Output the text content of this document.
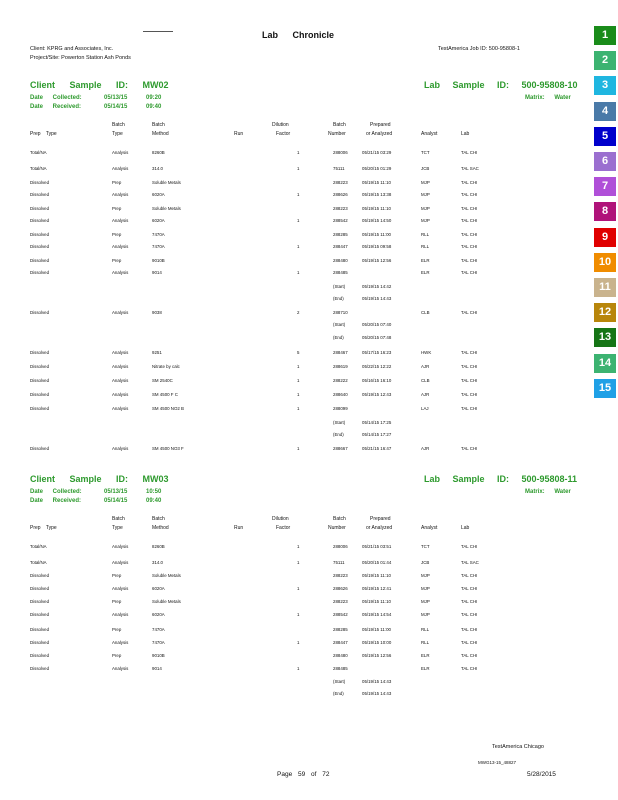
Lab Chronicle
Client: KPRG and Associates, Inc.
Project/Site: Powerton Station Ash Ponds
TestAmerica Job ID: 500-95808-1
1
2
3
4
5
6
7
8
9
10
11
12
13
14
15
Client Sample ID: MW02	Lab Sample ID: 500-95808-10
Date Collected:	05/13/15	09:20	Matrix: Water
Date Received:	05/14/15	09:40
Batch	Batch	Dilution	Batch	Prepared
Prep Type	Type	Method	Run	Factor	Number	or Analyzed	Analyst	Lab
Total/NA	Analysis	8260B	1	288006	05/21/15 03:29	TCT	TAL CHI
Total/NA	Analysis	314.0	1	75111	05/20/15 01:29	JCB	TAL SAC
Dissolved	Prep	Soluble Metals	288223	05/19/15 11:10	MJP	TAL CHI
Dissolved	Analysis	6020A	1	288626	05/19/15 13:38	MJP	TAL CHI
Dissolved	Prep	Soluble Metals	288223	05/19/15 11:10	MJP	TAL CHI
Dissolved	Analysis	6020A	1	288542	05/19/15 14:50	MJP	TAL CHI
Dissolved	Prep	7470A	288285	05/19/15 11:00	RLL	TAL CHI
Dissolved	Analysis	7470A	1	288447	05/19/15 09:58	RLL	TAL CHI
Dissolved	Prep	9010B	288480	05/19/15 12:56	ELR	TAL CHI
Dissolved	Analysis	9014	1	288485	ELR	TAL CHI
(Start)	05/19/15 14:42
(End)	05/19/15 14:43
Dissolved	Analysis	9038	2	288710	CLB	TAL CHI
(Start)	05/20/15 07:40
(End)	05/20/15 07:48
Dissolved	Analysis	9251	5	288467	05/17/15 16:23	HWK	TAL CHI
Dissolved	Analysis	Nitrate by calc	1	288619	05/22/15 12:22	AJR	TAL CHI
Dissolved	Analysis	SM 2540C	1	288222	05/16/15 16:10	CLB	TAL CHI
Dissolved	Analysis	SM 4500 F C	1	288640	05/19/15 12:43	AJR	TAL CHI
Dissolved	Analysis	SM 4500 NO2 B	1	288099	LAJ	TAL CHI
(Start)	05/14/15 17:25
(End)	05/14/15 17:27
Dissolved	Analysis	SM 4500 NO3 F	1	288667	05/21/15 16:47	AJR	TAL CHI
Client Sample ID: MW03	Lab Sample ID: 500-95808-11
Date Collected:	05/13/15	10:50	Matrix: Water
Date Received:	05/14/15	09:40
Batch	Batch	Dilution	Batch	Prepared
Prep Type	Type	Method	Run	Factor	Number	or Analyzed	Analyst	Lab
Total/NA	Analysis	8260B	1	288006	05/21/15 03:51	TCT	TAL CHI
Total/NA	Analysis	314.0	1	75111	05/20/15 01:44	JCB	TAL SAC
Dissolved	Prep	Soluble Metals	288223	05/19/15 11:10	MJP	TAL CHI
Dissolved	Analysis	6020A	1	288626	05/19/15 12:41	MJP	TAL CHI
Dissolved	Prep	Soluble Metals	288223	05/19/15 11:10	MJP	TAL CHI
Dissolved	Analysis	6020A	1	288542	05/19/15 14:54	MJP	TAL CHI
Dissolved	Prep	7470A	288285	05/19/15 11:00	RLL	TAL CHI
Dissolved	Analysis	7470A	1	288447	05/19/15 10:00	RLL	TAL CHI
Dissolved	Prep	9010B	288480	05/19/15 12:56	ELR	TAL CHI
Dissolved	Analysis	9014	1	288485	ELR	TAL CHI
(Start)	05/19/15 14:43
(End)	05/19/15 14:43
TestAmerica Chicago
MWG13-15_48827
Page 59 of 72	5/28/2015
